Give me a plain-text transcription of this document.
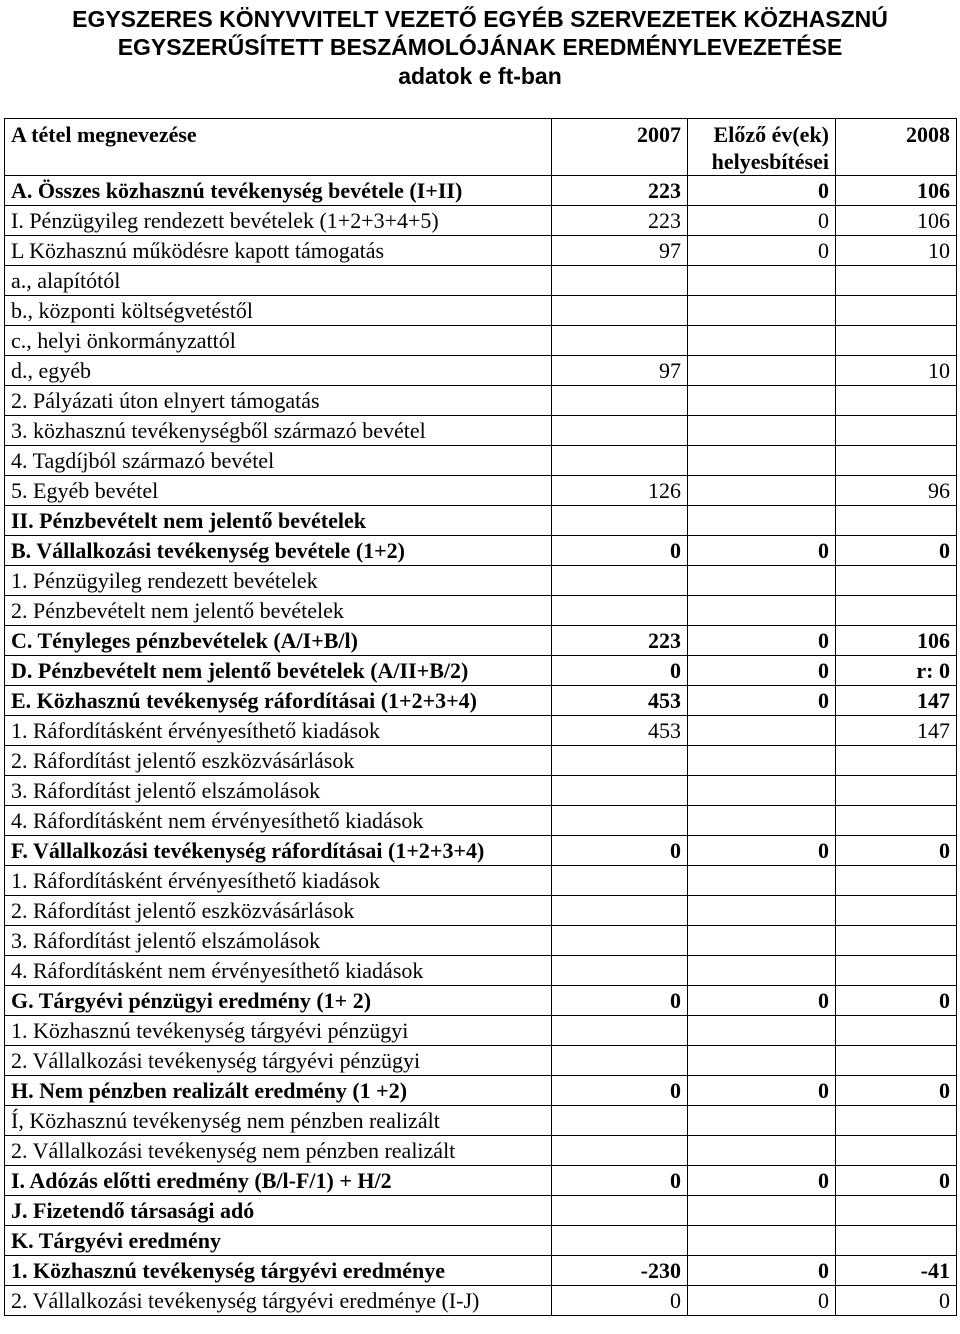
EGYSZERES KÖNYVVITELT VEZETŐ EGYÉB SZERVEZETEK KÖZHASZNÚ
EGYSZERŰSÍTETT BESZÁMOLÓJÁNAK EREDMÉNYLEVEZETÉSE
adatok e ft-ban
A tétel megnevezése	2007	Előző év(ek) helyesbítései	2008
A. Összes közhasznú tevékenység bevétele (I+II)	223	0	106
I. Pénzügyileg rendezett bevételek (1+2+3+4+5)	223	0	106
L Közhasznú működésre kapott támogatás	97	0	10
a., alapítótól			
b., központi költségvetéstől			
c., helyi önkormányzattól			
d., egyéb	97		10
2. Pályázati úton elnyert támogatás			
3. közhasznú tevékenységből származó bevétel			
4. Tagdíjból származó bevétel			
5. Egyéb bevétel	126		96
II. Pénzbevételt nem jelentő bevételek			
B. Vállalkozási tevékenység bevétele (1+2)	0	0	0
1. Pénzügyileg rendezett bevételek			
2. Pénzbevételt nem jelentő bevételek			
C. Tényleges pénzbevételek (A/I+B/l)	223	0	106
D. Pénzbevételt nem jelentő bevételek (A/II+B/2)	0	0	r: 0
E. Közhasznú tevékenység ráfordításai (1+2+3+4)	453	0	147
1. Ráfordításként érvényesíthető kiadások	453		147
2. Ráfordítást jelentő eszközvásárlások			
3. Ráfordítást jelentő elszámolások			
4. Ráfordításként nem érvényesíthető kiadások			
F. Vállalkozási tevékenység ráfordításai (1+2+3+4)	0	0	0
1. Ráfordításként érvényesíthető kiadások			
2. Ráfordítást jelentő eszközvásárlások			
3. Ráfordítást jelentő elszámolások			
4. Ráfordításként nem érvényesíthető kiadások			
G. Tárgyévi pénzügyi eredmény (1+ 2)	0	0	0
1. Közhasznú tevékenység tárgyévi pénzügyi			
2. Vállalkozási tevékenység tárgyévi pénzügyi			
H. Nem pénzben realizált eredmény (1 +2)	0	0	0
Í, Közhasznú tevékenység nem pénzben realizált			
2. Vállalkozási tevékenység nem pénzben realizált			
I. Adózás előtti eredmény (B/l-F/1) + H/2	0	0	0
J. Fizetendő társasági adó			
K. Tárgyévi eredmény			
1. Közhasznú tevékenység tárgyévi eredménye	-230	0	-41
2. Vállalkozási tevékenység tárgyévi eredménye (I-J)	0	0	0
